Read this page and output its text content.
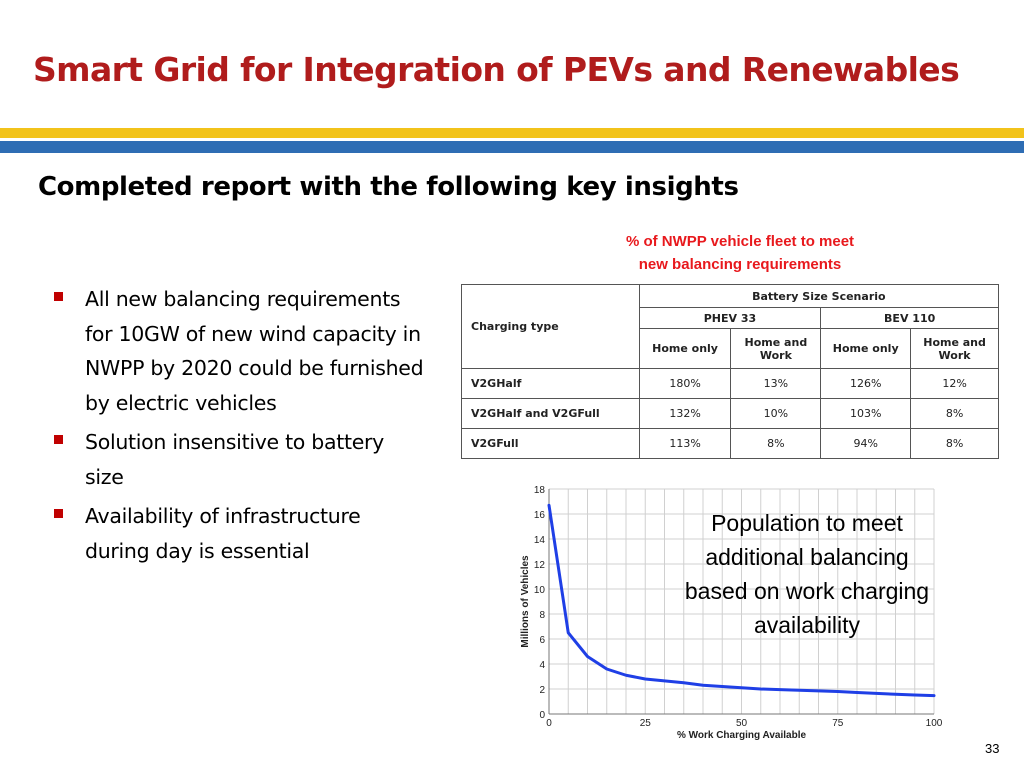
Smart Grid for Integration of PEVs and Renewables
Completed report with the following key insights
All new balancing requirements for 10GW of new wind capacity in NWPP by 2020 could be furnished by electric vehicles
Solution insensitive to battery size
Availability of infrastructure during day is essential
% of NWPP vehicle fleet to meet
new balancing requirements
Charging type	Battery Size Scenario			
	PHEV 33		BEV 110	
	Home only	Home and Work	Home only	Home and Work
V2GHalf	180%	13%	126%	12%
V2GHalf and V2GFull	132%	10%	103%	8%
V2GFull	113%	8%	94%	8%
0
2
4
6
8
10
12
14
16
18
0	25	50	75	100
% Work Charging Available
Millions of Vehicles
Population to meet
additional balancing
based on work charging
availability
33
